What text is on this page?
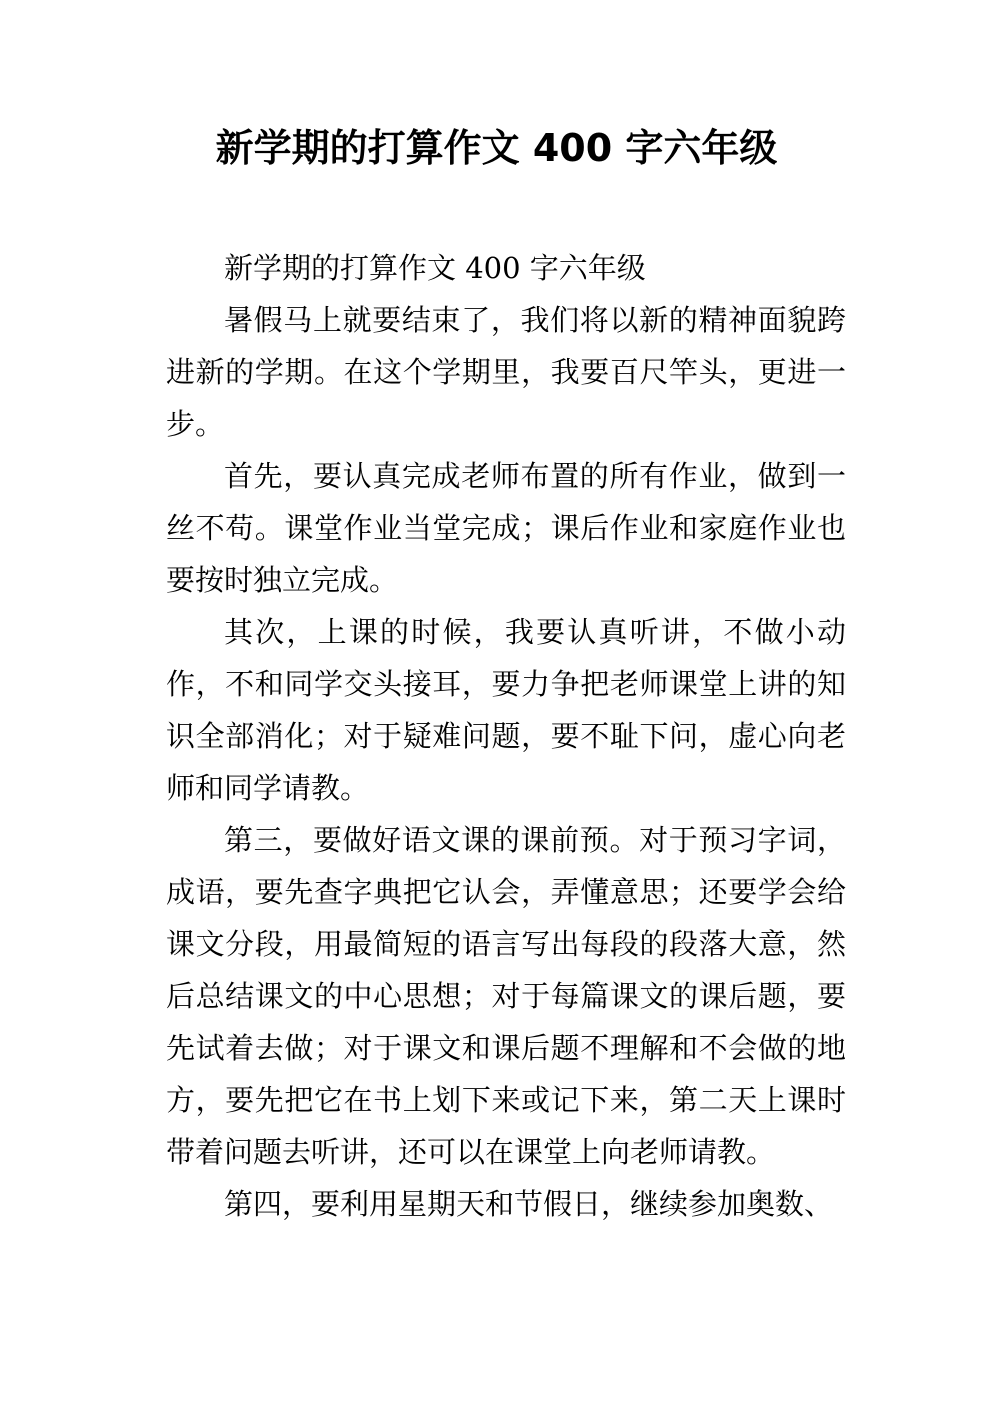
新学期的打算作文 400 字六年级

新学期的打算作文 400 字六年级

暑假马上就要结束了，我们将以新的精神面貌跨进新的学期。在这个学期里，我要百尺竿头，更进一步。

首先，要认真完成老师布置的所有作业，做到一丝不苟。课堂作业当堂完成；课后作业和家庭作业也要按时独立完成。

其次，上课的时候，我要认真听讲，不做小动作，不和同学交头接耳，要力争把老师课堂上讲的知识全部消化；对于疑难问题，要不耻下问，虚心向老师和同学请教。

第三，要做好语文课的课前预。对于预习字词，成语，要先查字典把它认会，弄懂意思；还要学会给课文分段，用最简短的语言写出每段的段落大意，然后总结课文的中心思想；对于每篇课文的课后题，要先试着去做；对于课文和课后题不理解和不会做的地方，要先把它在书上划下来或记下来，第二天上课时带着问题去听讲，还可以在课堂上向老师请教。

第四，要利用星期天和节假日，继续参加奥数、
